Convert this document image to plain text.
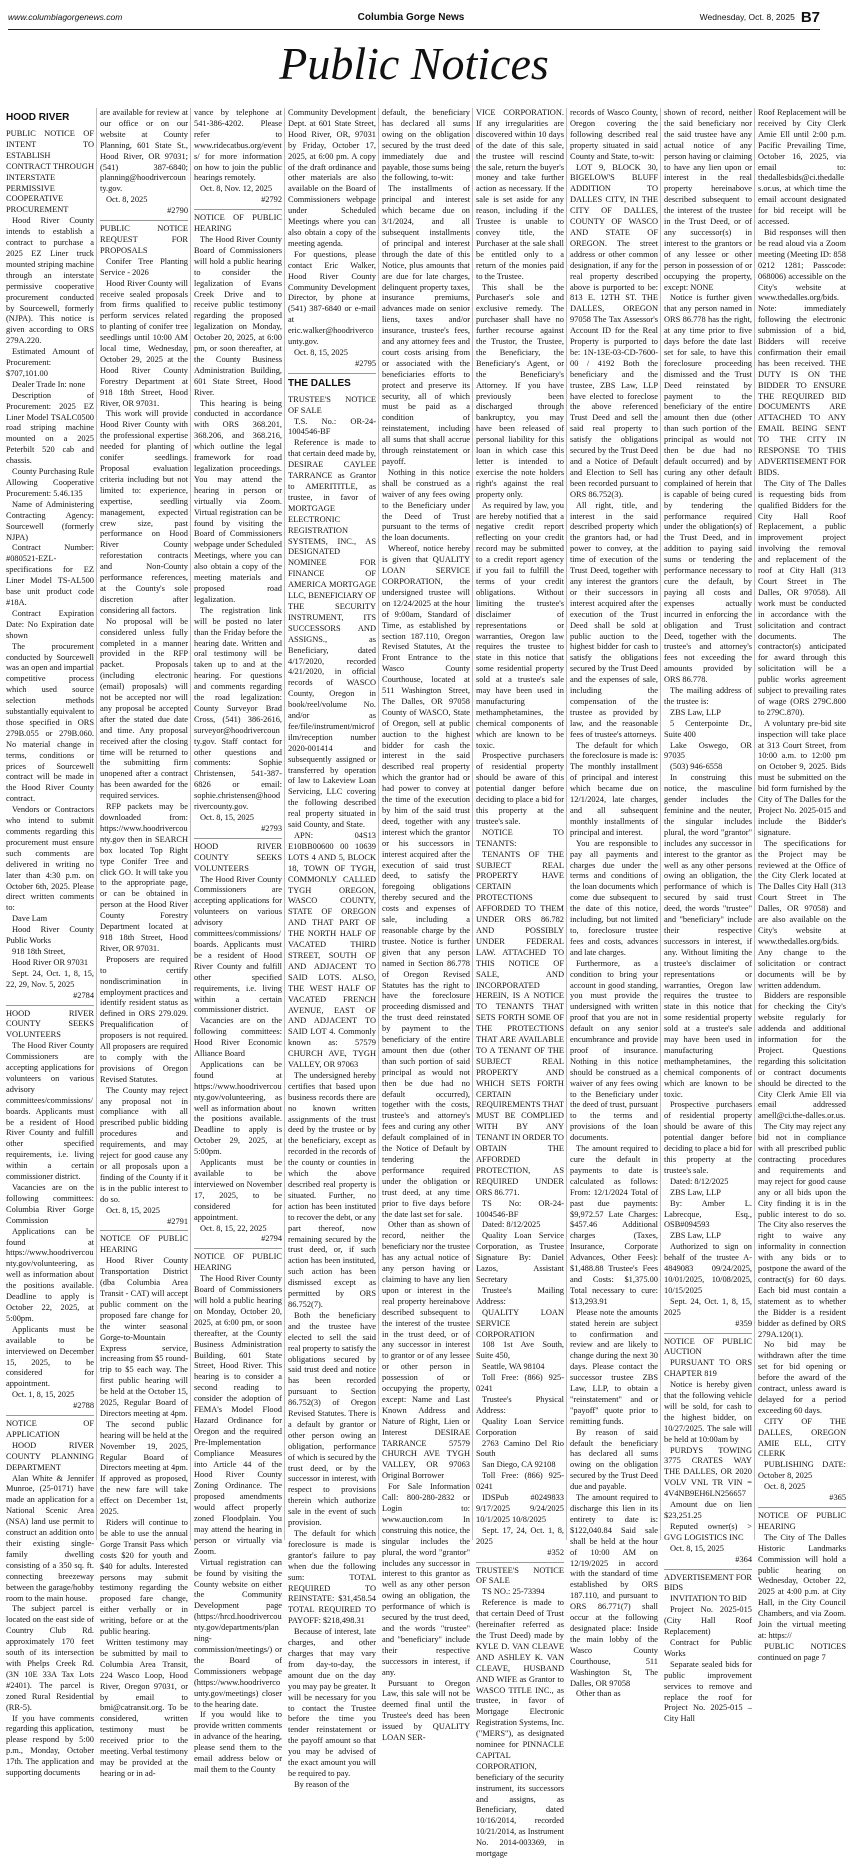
www.columbiagorgenews.com	Columbia Gorge News	Wednesday, Oct. 8, 2025 B7
Public Notices
HOOD RIVER

PUBLIC NOTICE OF INTENT TO ESTABLISH CONTRACT THROUGH INTERSTATE PERMISSIVE COOPERATIVE PROCUREMENT

Hood River County intends to establish a contract to purchase a 2025 EZ Liner truck mounted striping machine through an interstate permissive cooperative procurement conducted by Sourcewell, formerly (NJPA). This notice is given according to ORS 279A.220.

Estimated Amount of Procurement: $707,101.00

Dealer Trade In: none

Description of Procurement: 2025 EZ Liner Model TSALC0500 road striping machine mounted on a 2025 Peterbilt 520 cab and chassis.

County Purchasing Rule Allowing Cooperative Procurement: 5.46.135

Name of Administering Contracting Agency: Sourcewell (formerly NJPA)

Contract Number: #080521-EZL-specifications for EZ Liner Model TS-AL500 base unit product code #18A.

Contract Expiration Date: No Expiration date shown

The procurement conducted by Sourcewell was an open and impartial competitive process which used source selection methods substantially equivalent to those specified in ORS 279B.055 or 279B.060. No material change in terms, conditions or prices of Sourcewell contract will be made in the Hood River County contract.

Vendors or Contractors who intend to submit comments regarding this procurement must ensure such comments are delivered in writing no later than 4:30 p.m. on October 6th, 2025. Please direct written comments to:

Dave Lam

Hood River County Public Works

918 18th Street,

Hood River OR 97031

Sept. 24, Oct. 1, 8, 15, 22, 29, Nov. 5, 2025

#2784

HOOD RIVER COUNTY SEEKS VOLUNTEERS

The Hood River County Commissioners are accepting applications for volunteers on various advisory committees/commissions/boards. Applicants must be a resident of Hood River County and fulfill other specified requirements, i.e. living within a certain commissioner district.

Vacancies are on the following committees: Columbia River Gorge Commission

Applications can be found at https://www.hoodrivercounty.gov/volunteering, as well as information about the positions available. Deadline to apply is October 22, 2025, at 5:00pm.

Applicants must be available to be interviewed on December 15, 2025, to be considered for appointment.

Oct. 1, 8, 15, 2025

#2788

NOTICE OF APPLICATION

HOOD RIVER COUNTY PLANNING DEPARTMENT

Alan White & Jennifer Munroe, (25-0171) have made an application for a National Scenic Area (NSA) land use permit to construct an addition onto their existing single-family dwelling consisting of a 350 sq. ft. connecting breezeway between the garage/hobby room to the main house.

The subject parcel is located on the east side of Country Club Rd. approximately 170 feet south of its intersection with Phelps Creek Rd. (3N 10E 33A Tax Lots #2401). The parcel is zoned Rural Residential (RR-5).

If you have comments regarding this application, please respond by 5:00 p.m., Monday, October 17th. The application and supporting documents

are available for review at our office or on our website at County Planning, 601 State St., Hood River, OR 97031; (541) 387-6840; planning@hoodrivercounty.gov.

Oct. 8, 2025

#2790

PUBLIC NOTICE REQUEST FOR PROPOSALS

Conifer Tree Planting Service - 2026

Hood River County will receive sealed proposals from firms qualified to perform services related to planting of conifer tree seedlings until 10:00 AM local time, Wednesday, October 29, 2025 at the Hood River County Forestry Department at 918 18th Street, Hood River, OR 97031.

This work will provide Hood River County with the professional expertise needed for planting of conifer seedlings. Proposal evaluation criteria including but not limited to: experience, expertise, seedling management, expected crew size, past performance on Hood River County reforestation contracts and Non-County performance references, at the County's sole discretion after considering all factors.

No proposal will be considered unless fully completed in a manner provided in the RFP packet. Proposals (including electronic (email) proposals) will not be accepted nor will any proposal be accepted after the stated due date and time. Any proposal received after the closing time will be returned to the submitting firm unopened after a contract has been awarded for the required services.

RFP packets may be downloaded from: https://www.hoodrivercounty.gov then in SEARCH box located Top Right type Conifer Tree and click GO. It will take you to the appropriate page, or can be obtained in person at the Hood River County Forestry Department located at 918 18th Street, Hood River, OR 97031.

Proposers are required to certify nondiscrimination in employment practices and identify resident status as defined in ORS 279.029. Prequalification of proposers is not required. All proposers are required to comply with the provisions of Oregon Revised Statutes.

The County may reject any proposal not in compliance with all prescribed public bidding procedures and requirements, and may reject for good cause any or all proposals upon a finding of the County if it is in the public interest to do so.

Oct. 8, 15, 2025

#2791

NOTICE OF PUBLIC HEARING

Hood River County Transportation District (dba Columbia Area Transit - CAT) will accept public comment on the proposed fare change for the winter seasonal Gorge-to-Mountain Express service, increasing from $5 round-trip to $5 each way. The first public hearing will be held at the October 15, 2025, Regular Board of Directors meeting at 4pm.

The second public hearing will be held at the November 19, 2025, Regular Board of Directors meeting at 4pm. If approved as proposed, the new fare will take effect on December 1st, 2025.

Riders will continue to be able to use the annual Gorge Transit Pass which costs $20 for youth and $40 for adults. Interested persons may submit testimony regarding the proposed fare change, either verbally or in writing, before or at the public hearing.

Written testimony may be submitted by mail to Columbia Area Transit, 224 Wasco Loop, Hood River, Oregon 97031, or by email to bmi@catransit.org. To be considered, written testimony must be received prior to the meeting. Verbal testimony may be provided at the hearing or in ad-

vance by telephone at 541-386-4202. Please refer to www.ridecatbus.org/events/ for more information on how to join the public hearings remotely.

Oct. 8, Nov. 12, 2025

#2792

NOTICE OF PUBLIC HEARING

The Hood River County Board of Commissioners will hold a public hearing to consider the legalization of Evans Creek Drive and to receive public testimony regarding the proposed legalization on Monday, October 20, 2025, at 6:00 pm, or soon thereafter, at the County Business Administration Building, 601 State Street, Hood River.

This hearing is being conducted in accordance with ORS 368.201, 368.206, and 368.216, which outline the legal framework for road legalization proceedings. You may attend the hearing in person or virtually via Zoom. Virtual registration can be found by visiting the Board of Commissioners webpage under Scheduled Meetings, where you can also obtain a copy of the meeting materials and proposed road legalization.

The registration link will be posted no later than the Friday before the hearing date. Written and oral testimony will be taken up to and at the hearing. For questions and comments regarding the road legalization: County Surveyor Brad Cross, (541) 386-2616, surveyor@hoodrivercounty.gov. Staff contact for other questions and comments: Sophie Christensen, 541-387-6826 or email: sophie.christensen@hoodrivercounty.gov.

Oct. 8, 15, 2025

#2793

HOOD RIVER COUNTY SEEKS VOLUNTEERS

The Hood River County Commissioners are accepting applications for volunteers on various advisory committees/commissions/boards. Applicants must be a resident of Hood River County and fulfill other specified requirements, i.e. living within a certain commissioner district.

Vacancies are on the following committees: Hood River Economic Alliance Board

Applications can be found at https://www.hoodrivercounty.gov/volunteering, as well as information about the positions available. Deadline to apply is October 29, 2025, at 5:00pm.

Applicants must be available to be interviewed on November 17, 2025, to be considered for appointment.

Oct. 8, 15, 22, 2025

#2794

NOTICE OF PUBLIC HEARING

The Hood River County Board of Commissioners will hold a public hearing on Monday, October 20, 2025, at 6:00 pm, or soon thereafter, at the County Business Administration Building, 601 State Street, Hood River. This hearing is to consider a second reading to consider the adoption of FEMA's Model Flood Hazard Ordinance for Oregon and the required Pre-Implementation Compliance Measures into Article 44 of the Hood River County Zoning Ordinance. The proposed amendments would affect properly zoned Floodplain. You may attend the hearing in person or virtually via Zoom.

Virtual registration can be found by visiting the County website on either the Community Development page (https://hrcd.hoodrivercounty.gov/departments/planning-commission/meetings/) or the Board of Commissioners webpage (https://www.hoodrivercounty.gov/meetings) closer to the hearing date.

If you would like to provide written comments in advance of the hearing, please send them to the email address below or mail them to the County

Community Development Dept. at 601 State Street, Hood River, OR, 97031 by Friday, October 17, 2025, at 6:00 pm. A copy of the draft ordinance and other materials are also available on the Board of Commissioners webpage under Scheduled Meetings where you can also obtain a copy of the meeting agenda.

For questions, please contact Eric Walker, Hood River County Community Development Director, by phone at (541) 387-6840 or e-mail at eric.walker@hoodrivercounty.gov.

Oct. 8, 15, 2025

#2795

THE DALLES

TRUSTEE'S NOTICE OF SALE

T.S. No.: OR-24-1004546-BF

Reference is made to that certain deed made by, DESIRAE CAYLEE TARRANCE as Grantor to AMERITITLE, as trustee, in favor of MORTGAGE ELECTRONIC REGISTRATION SYSTEMS, INC., AS DESIGNATED NOMINEE FOR FINANCE OF AMERICA MORTGAGE LLC, BENEFICIARY OF THE SECURITY INSTRUMENT, ITS SUCCESSORS AND ASSIGNS., as Beneficiary, dated 4/17/2020, recorded 4/21/2020, in official records of WASCO County, Oregon in book/reel/volume No. and/or as fee/file/instrument/microfilm/reception number 2020-001414 and subsequently assigned or transferred by operation of law to Lakeview Loan Servicing, LLC covering the following described real property situated in said County, and State.

APN: 04S13 E10BB00600 00 10639 LOTS 4 AND 5, BLOCK 18, TOWN OF TYGH, COMMONLY CALLED TYGH OREGON, WASCO COUNTY, STATE OF OREGON AND THAT PART OF THE NORTH HALF OF VACATED THIRD STREET, SOUTH OF AND ADJACENT TO SAID LOTS. ALSO, THE WEST HALF OF VACATED FRENCH AVENUE, EAST OF AND ADJACENT TO SAID LOT 4. Commonly known as: 57579 CHURCH AVE, TYGH VALLEY, OR 97063

The undersigned hereby certifies that based upon business records there are no known written assignments of the trust deed by the trustee or by the beneficiary, except as recorded in the records of the county or counties in which the above described real property is situated. Further, no action has been instituted to recover the debt, or any part thereof, now remaining secured by the trust deed, or, if such action has been instituted, such action has been dismissed except as permitted by ORS 86.752(7).

Both the beneficiary and the trustee have elected to sell the said real property to satisfy the obligations secured by said trust deed and notice has been recorded pursuant to Section 86.752(3) of Oregon Revised Statutes. There is a default by grantor or other person owing an obligation, performance of which is secured by the trust deed, or by the successor in interest, with respect to provisions therein which authorize sale in the event of such provision.

The default for which foreclosure is made is grantor's failure to pay when due the following sum: TOTAL REQUIRED TO REINSTATE: $31,458.54 TOTAL REQUIRED TO PAYOFF: $218,498.31

Because of interest, late charges, and other charges that may vary from day-to-day, the amount due on the day you may pay be greater. It will be necessary for you to contact the Trustee before the time you tender reinstatement or the payoff amount so that you may be advised of the exact amount you will be required to pay.

By reason of the

default, the beneficiary has declared all sums owing on the obligation secured by the trust deed immediately due and payable, those sums being the following, to-wit:

The installments of principal and interest which became due on 3/1/2024, and all subsequent installments of principal and interest through the date of this Notice, plus amounts that are due for late charges, delinquent property taxes, insurance premiums, advances made on senior liens, taxes and/or insurance, trustee's fees, and any attorney fees and court costs arising from or associated with the beneficiaries efforts to protect and preserve its security, all of which must be paid as a condition of reinstatement, including all sums that shall accrue through reinstatement or payoff.

Nothing in this notice shall be construed as a waiver of any fees owing to the Beneficiary under the Deed of Trust pursuant to the terms of the loan documents.

Whereof, notice hereby is given that QUALITY LOAN SERVICE CORPORATION, the undersigned trustee will on 12/24/2025 at the hour of 9:00am, Standard of Time, as established by section 187.110, Oregon Revised Statutes, At the Front Entrance to the Wasco County Courthouse, located at 511 Washington Street, The Dalles, OR 97058 County of WASCO, State of Oregon, sell at public auction to the highest bidder for cash the interest in the said described real property which the grantor had or had power to convey at the time of the execution by him of the said trust deed, together with any interest which the grantor or his successors in interest acquired after the execution of said trust deed, to satisfy the foregoing obligations thereby secured and the costs and expenses of sale, including a reasonable charge by the trustee. Notice is further given that any person named in Section 86.778 of Oregon Revised Statutes has the right to have the foreclosure proceeding dismissed and the trust deed reinstated by payment to the beneficiary of the entire amount then due (other than such portion of said principal as would not then be due had no default occurred), together with the costs, trustee's and attorney's fees and curing any other default complained of in the Notice of Default by tendering the performance required under the obligation or trust deed, at any time prior to five days before the date last set for sale.

Other than as shown of record, neither the beneficiary nor the trustee has any actual notice of any person having or claiming to have any lien upon or interest in the real property hereinabove described subsequent to the interest of the trustee in the trust deed, or of any successor in interest to grantor or of any lessee or other person in possession of or occupying the property, except: Name and Last Known Address and Nature of Right, Lien or Interest DESIRAE TARRANCE 57579 CHURCH AVE TYGH VALLEY, OR 97063 Original Borrower

For Sale Information Call: 800-280-2832 or Login to: www.auction.com In construing this notice, the singular includes the plural, the word "grantor" includes any successor in interest to this grantor as well as any other person owing an obligation, the performance of which is secured by the trust deed, and the words "trustee" and "beneficiary" include their respective successors in interest, if any.

Pursuant to Oregon Law, this sale will not be deemed final until the Trustee's deed has been issued by QUALITY LOAN SER-

VICE CORPORATION. If any irregularities are discovered within 10 days of the date of this sale, the trustee will rescind the sale, return the buyer's money and take further action as necessary. If the sale is set aside for any reason, including if the Trustee is unable to convey title, the Purchaser at the sale shall be entitled only to a return of the monies paid to the Trustee.

This shall be the Purchaser's sole and exclusive remedy. The purchaser shall have no further recourse against the Trustor, the Trustee, the Beneficiary, the Beneficiary's Agent, or the Beneficiary's Attorney. If you have previously been discharged through bankruptcy, you may have been released of personal liability for this loan in which case this letter is intended to exercise the note holders right's against the real property only.

As required by law, you are hereby notified that a negative credit report reflecting on your credit record may be submitted to a credit report agency if you fail to fulfill the terms of your credit obligations. Without limiting the trustee's disclaimer of representations or warranties, Oregon law requires the trustee to state in this notice that some residential property sold at a trustee's sale may have been used in manufacturing methamphetamines, the chemical components of which are known to be toxic.

Prospective purchasers of residential property should be aware of this potential danger before deciding to place a bid for this property at the trustee's sale.

NOTICE TO TENANTS:

TENANTS OF THE SUBJECT REAL PROPERTY HAVE CERTAIN PROTECTIONS AFFORDED TO THEM UNDER ORS 86.782 AND POSSIBLY UNDER FEDERAL LAW. ATTACHED TO THIS NOTICE OF SALE, AND INCORPORATED HEREIN, IS A NOTICE TO TENANTS THAT SETS FORTH SOME OF THE PROTECTIONS THAT ARE AVAILABLE TO A TENANT OF THE SUBJECT REAL PROPERTY AND WHICH SETS FORTH CERTAIN REQUIREMENTS THAT MUST BE COMPLIED WITH BY ANY TENANT IN ORDER TO OBTAIN THE AFFORDED PROTECTION, AS REQUIRED UNDER ORS 86.771.

TS No: OR-24-1004546-BF

Dated: 8/12/2025

Quality Loan Service Corporation, as Trustee Signature By: Daniel Lazos, Assistant Secretary

Trustee's Mailing Address:

QUALITY LOAN SERVICE CORPORATION

108 1st Ave South, Suite 450,

Seattle, WA 98104

Toll Free: (866) 925-0241

Trustee's Physical Address:

Quality Loan Service Corporation

2763 Camino Del Rio South

San Diego, CA 92108

Toll Free: (866) 925-0241

IDSPub #0249833 9/17/2025 9/24/2025 10/1/2025 10/8/2025

Sept. 17, 24, Oct. 1, 8, 2025

#352

TRUSTEE'S NOTICE OF SALE

TS NO.: 25-73394

Reference is made to that certain Deed of Trust (hereinafter referred as the Trust Deed) made by KYLE D. VAN CLEAVE AND ASHLEY K. VAN CLEAVE, HUSBAND AND WIFE as Grantor to WASCO TITLE INC., as trustee, in favor of Mortgage Electronic Registration Systems, Inc. ("MERS"), as designated nominee for PINNACLE CAPITAL CORPORATION, beneficiary of the security instrument, its successors and assigns, as Beneficiary, dated 10/16/2014, recorded 10/21/2014, as Instrument No. 2014-003369, in mortgage

records of Wasco County, Oregon covering the following described real property situated in said County and State, to-wit:

LOT 9, BLOCK 30, BIGELOW'S BLUFF ADDITION TO DALLES CITY, IN THE CITY OF DALLES, COUNTY OF WASCO AND STATE OF OREGON. The street address or other common designation, if any for the real property described above is purported to be: 813 E. 12TH ST. THE DALLES, OREGON 97058 The Tax Assessor's Account ID for the Real Property is purported to be: 1N-13E-03-CD-7600-00 / 4192 Both the beneficiary and the trustee, ZBS Law, LLP have elected to foreclose the above referenced Trust Deed and sell the said real property to satisfy the obligations secured by the Trust Deed and a Notice of Default and Election to Sell has been recorded pursuant to ORS 86.752(3).

All right, title, and interest in the said described property which the grantors had, or had power to convey, at the time of execution of the Trust Deed, together with any interest the grantors or their successors in interest acquired after the execution of the Trust Deed shall be sold at public auction to the highest bidder for cash to satisfy the obligations secured by the Trust Deed and the expenses of sale, including the compensation of the trustee as provided by law, and the reasonable fees of trustee's attorneys.

The default for which the foreclosure is made is: The monthly installment of principal and interest which became due on 12/1/2024, late charges, and all subsequent monthly installments of principal and interest.

You are responsible to pay all payments and charges due under the terms and conditions of the loan documents which come due subsequent to the date of this notice, including, but not limited to, foreclosure trustee fees and costs, advances and late charges.

Furthermore, as a condition to bring your account in good standing, you must provide the undersigned with written proof that you are not in default on any senior encumbrance and provide proof of insurance. Nothing in this notice should be construed as a waiver of any fees owing to the Beneficiary under the deed of trust, pursuant to the terms and provisions of the loan documents.

The amount required to cure the default in payments to date is calculated as follows: From: 12/1/2024 Total of past due payments: $9,972.57 Late Charges: $457.46 Additional charges (Taxes, Insurance, Corporate Advances, Other Fees): $1,488.88 Trustee's Fees and Costs: $1,375.00 Total necessary to cure: $13,293.91

Please note the amounts stated herein are subject to confirmation and review and are likely to change during the next 30 days. Please contact the successor trustee ZBS Law, LLP, to obtain a "reinstatement" and or "payoff" quote prior to remitting funds.

By reason of said default the beneficiary has declared all sums owing on the obligation secured by the Trust Deed due and payable.

The amount required to discharge this lien in its entirety to date is: $122,040.84 Said sale shall be held at the hour of 10:00 AM on 12/19/2025 in accord with the standard of time established by ORS 187.110, and pursuant to ORS 86.771(7) shall occur at the following designated place: Inside the main lobby of the Wasco County Courthouse, 511 Washington St, The Dalles, OR 97058

Other than as

shown of record, neither the said beneficiary nor the said trustee have any actual notice of any person having or claiming to have any lien upon or interest in the real property hereinabove described subsequent to the interest of the trustee in the Trust Deed, or of any successor(s) in interest to the grantors or of any lessee or other person in possession of or occupying the property, except: NONE

Notice is further given that any person named in ORS 86.778 has the right, at any time prior to five days before the date last set for sale, to have this foreclosure proceeding dismissed and the Trust Deed reinstated by payment to the beneficiary of the entire amount then due (other than such portion of the principal as would not then be due had no default occurred) and by curing any other default complained of herein that is capable of being cured by tendering the performance required under the obligation(s) of the Trust Deed, and in addition to paying said sums or tendering the performance necessary to cure the default, by paying all costs and expenses actually incurred in enforcing the obligation and Trust Deed, together with the trustee's and attorney's fees not exceeding the amounts provided by ORS 86.778.

The mailing address of the trustee is:

ZBS Law, LLP

5 Centerpointe Dr., Suite 400

Lake Oswego, OR 97035

(503) 946-6558

In construing this notice, the masculine gender includes the feminine and the neuter, the singular includes plural, the word "grantor" includes any successor in interest to the grantor as well as any other persons owing an obligation, the performance of which is secured by said trust deed, the words "trustee" and "beneficiary" include their respective successors in interest, if any. Without limiting the trustee's disclaimer of representations or warranties, Oregon law requires the trustee to state in this notice that some residential property sold at a trustee's sale may have been used in manufacturing methamphetamines, the chemical components of which are known to be toxic.

Prospective purchasers of residential property should be aware of this potential danger before deciding to place a bid for this property at the trustee's sale.

Dated: 8/12/2025

ZBS Law, LLP

By: Amber L. Labrecque, Esq., OSB#094593

ZBS Law, LLP

Authorized to sign on behalf of the trustee A-4849083 09/24/2025, 10/01/2025, 10/08/2025, 10/15/2025

Sept. 24, Oct. 1, 8, 15, 2025

#359

NOTICE OF PUBLIC AUCTION

PURSUANT TO ORS CHAPTER 819

Notice is hereby given that the following vehicle will be sold, for cash to the highest bidder, on 10/27/2025. The sale will be held at 10:00am by

PURDYS TOWING 3775 CRATES WAY THE DALLES, OR 2020 VOLV VNL TR VIN = 4V4NB9EH6LN256657

Amount due on lien $23,251.25

Reputed owner(s) > GVG LOGISTICS INC

Oct. 8, 15, 2025

#364

ADVERTISEMENT FOR BIDS

INVITATION TO BID

Project No. 2025-015 (City Hall Roof Replacement)

Contract for Public Works

Separate sealed bids for public improvement services to remove and replace the roof for Project No. 2025-015 – City Hall

Roof Replacement will be received by City Clerk Amie Ell until 2:00 p.m. Pacific Prevailing Time, October 16, 2025, via email to: thedallesbids@ci.thedalles.or.us, at which time the email account designated for bid receipt will be accessed.

Bid responses will then be read aloud via a Zoom meeting (Meeting ID: 858 0212 1281; Passcode: 068006) accessible on the City's website at www.thedalles.org/bids. Note: immediately following the electronic submission of a bid, Bidders will receive confirmation their email has been received. THE DUTY IS ON THE BIDDER TO ENSURE THE REQUIRED BID DOCUMENTS ARE ATTACHED TO ANY EMAIL BEING SENT TO THE CITY IN RESPONSE TO THIS ADVERTISEMENT FOR BIDS.

The City of The Dalles is requesting bids from qualified Bidders for the City Hall Roof Replacement, a public improvement project involving the removal and replacement of the roof at City Hall (313 Court Street in The Dalles, OR 97058). All work must be conducted in accordance with the solicitation and contract documents. The contractor(s) anticipated for award through this solicitation will be a public works agreement subject to prevailing rates of wage (ORS 279C.800 to 279C.870).

A voluntary pre-bid site inspection will take place at 313 Court Street, from 10:00 a.m. to 12:00 pm on October 9, 2025. Bids must be submitted on the bid form furnished by the City of The Dalles for the Project No. 2025-015 and include the Bidder's signature.

The specifications for the Project may be reviewed at the Office of the City Clerk located at The Dalles City Hall (313 Court Street in The Dalles, OR 97058) and are also available on the City's website at www.thedalles.org/bids. Any change to the solicitation or contract documents will be by written addendum.

Bidders are responsible for checking the City's website regularly for addenda and additional information for the Project. Questions regarding this solicitation or contract documents should be directed to the City Clerk Amie Ell via email addressed amell@ci.the-dalles.or.us.

The City may reject any bid not in compliance with all prescribed public contracting procedures and requirements and may reject for good cause any or all bids upon the City finding it is in the public interest to do so. The City also reserves the right to waive any informality in connection with any bids or to postpone the award of the contract(s) for 60 days. Each bid must contain a statement as to whether the Bidder is a resident bidder as defined by ORS 279A.120(1).

No bid may be withdrawn after the time set for bid opening or before the award of the contract, unless award is delayed for a period exceeding 60 days.

CITY OF THE DALLES, OREGON AMIE ELL, CITY CLERK

PUBLISHING DATE: October 8, 2025

Oct. 8, 2025

#365

NOTICE OF PUBLIC HEARING

The City of The Dalles Historic Landmarks Commission will hold a public hearing on Wednesday, October 22, 2025 at 4:00 p.m. at City Hall, in the City Council Chambers, and via Zoom. Join the virtual meeting at: https://

PUBLIC NOTICES continued on page 7
